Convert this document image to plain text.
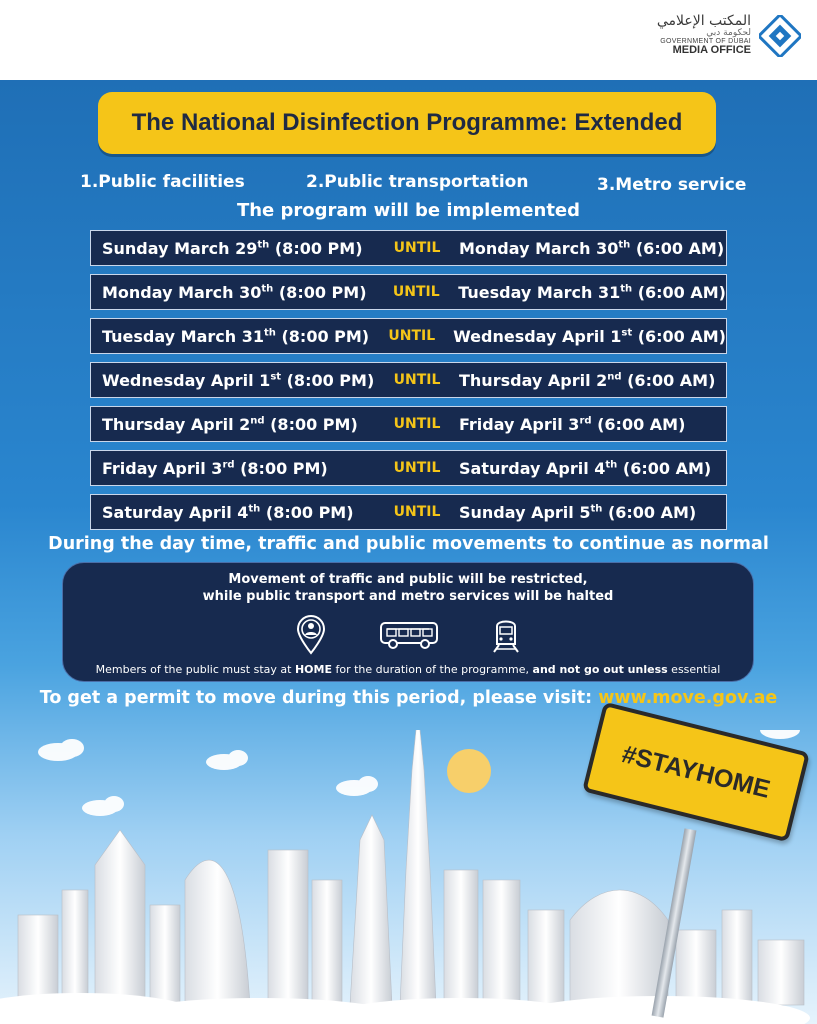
المكتب الإعلامي
لحكومة دبي
GOVERNMENT OF DUBAI
MEDIA OFFICE
The National Disinfection Programme: Extended
1.Public facilities	2.Public transportation	3.Metro service
The program will be implemented
Sunday March 29th (8:00 PM)	UNTIL	Monday March 30th (6:00 AM)
Monday March 30th (8:00 PM)	UNTIL	Tuesday March 31th (6:00 AM)
Tuesday March 31th (8:00 PM)	UNTIL	Wednesday April 1st (6:00 AM)
Wednesday April 1st (8:00 PM)	UNTIL	Thursday April 2nd (6:00 AM)
Thursday April 2nd (8:00 PM)	UNTIL	Friday April 3rd (6:00 AM)
Friday April 3rd (8:00 PM)	UNTIL	Saturday April 4th (6:00 AM)
Saturday April 4th (8:00 PM)	UNTIL	Sunday April 5th (6:00 AM)
During the day time, traffic and public movements to continue as normal
Movement of traffic and public will be restricted,
while public transport and metro services will be halted
Members of the public must stay at HOME for the duration of the programme, and not go out unless essential
To get a permit to move during this period, please visit: www.move.gov.ae
#STAYHOME
